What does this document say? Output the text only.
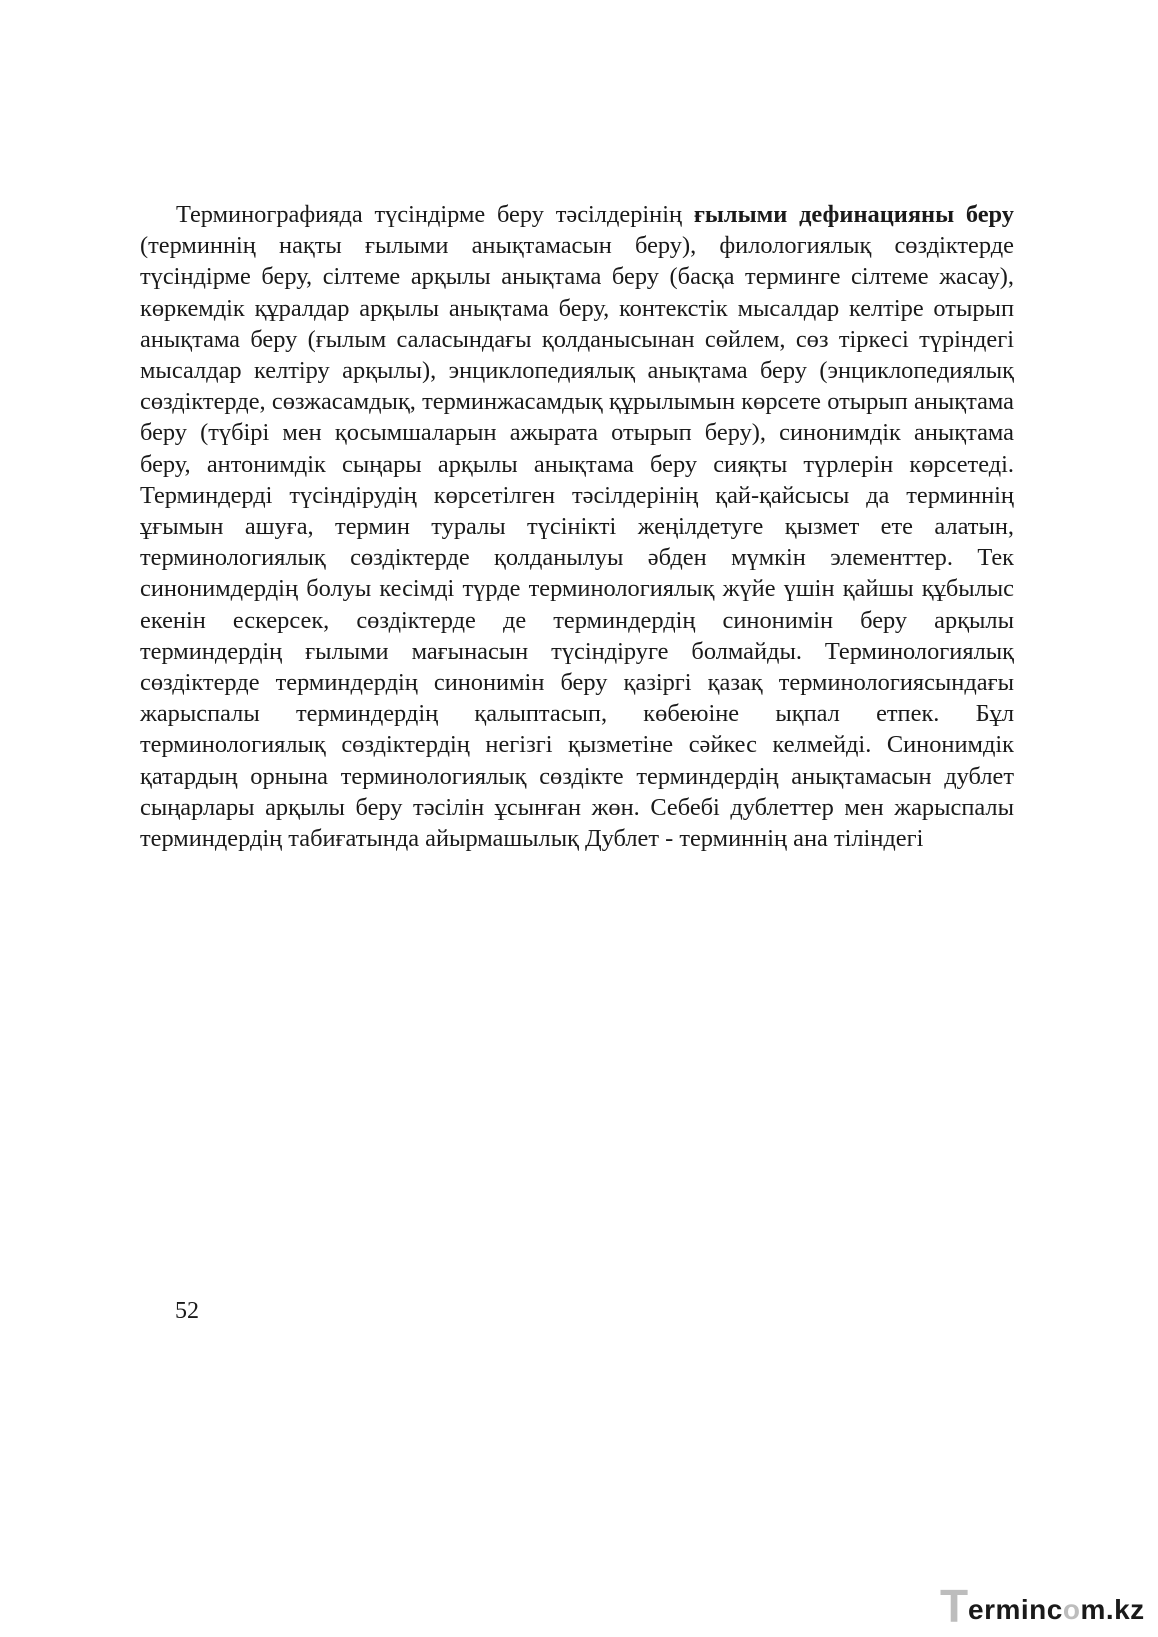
Терминографияда түсіндірме беру тәсілдерінің ғылыми дефинацияны беру (терминнің нақты ғылыми анықтамасын беру), филологиялық сөздіктерде түсіндірме беру, сілтеме арқылы анықтама беру (басқа терминге сілтеме жасау), көркемдік құралдар арқылы анықтама беру, контекстік мысалдар келтіре отырып анықтама беру (ғылым саласындағы қолданысынан сөйлем, сөз тіркесі түріндегі мысалдар келтіру арқылы), энциклопедиялық анықтама беру (энциклопедиялық сөздіктерде, сөзжасамдық, терминжасамдық құрылымын көрсете отырып анықтама беру (түбірі мен қосымшаларын ажырата отырып беру), синонимдік анықтама беру, антонимдік сыңары арқылы анықтама беру сияқты түрлерін көрсетеді. Терминдерді түсіндірудің көрсетілген тәсілдерінің қай-қайсысы да терминнің ұғымын ашуға, термин туралы түсінікті жеңілдетуге қызмет ете алатын, терминологиялық сөздіктерде қолданылуы әбден мүмкін элементтер. Тек синонимдердің болуы кесімді түрде терминологиялық жүйе үшін қайшы құбылыс екенін ескерсек, сөздіктерде де терминдердің синонимін беру арқылы терминдердің ғылыми мағынасын түсіндіруге болмайды. Терминологиялық сөздіктерде терминдердің синонимін беру қазіргі қазақ терминологиясындағы жарыспалы терминдердің қалыптасып, көбеюіне ықпал етпек. Бұл терминологиялық сөздіктердің негізгі қызметіне сәйкес келмейді. Синонимдік қатардың орнына терминологиялық сөздікте терминдердің анықтамасын дублет сыңарлары арқылы беру тәсілін ұсынған жөн. Себебі дублеттер мен жарыспалы терминдердің табиғатында айырмашылық Дублет - терминнің ана тіліндегі

52
T ermincom.kz
